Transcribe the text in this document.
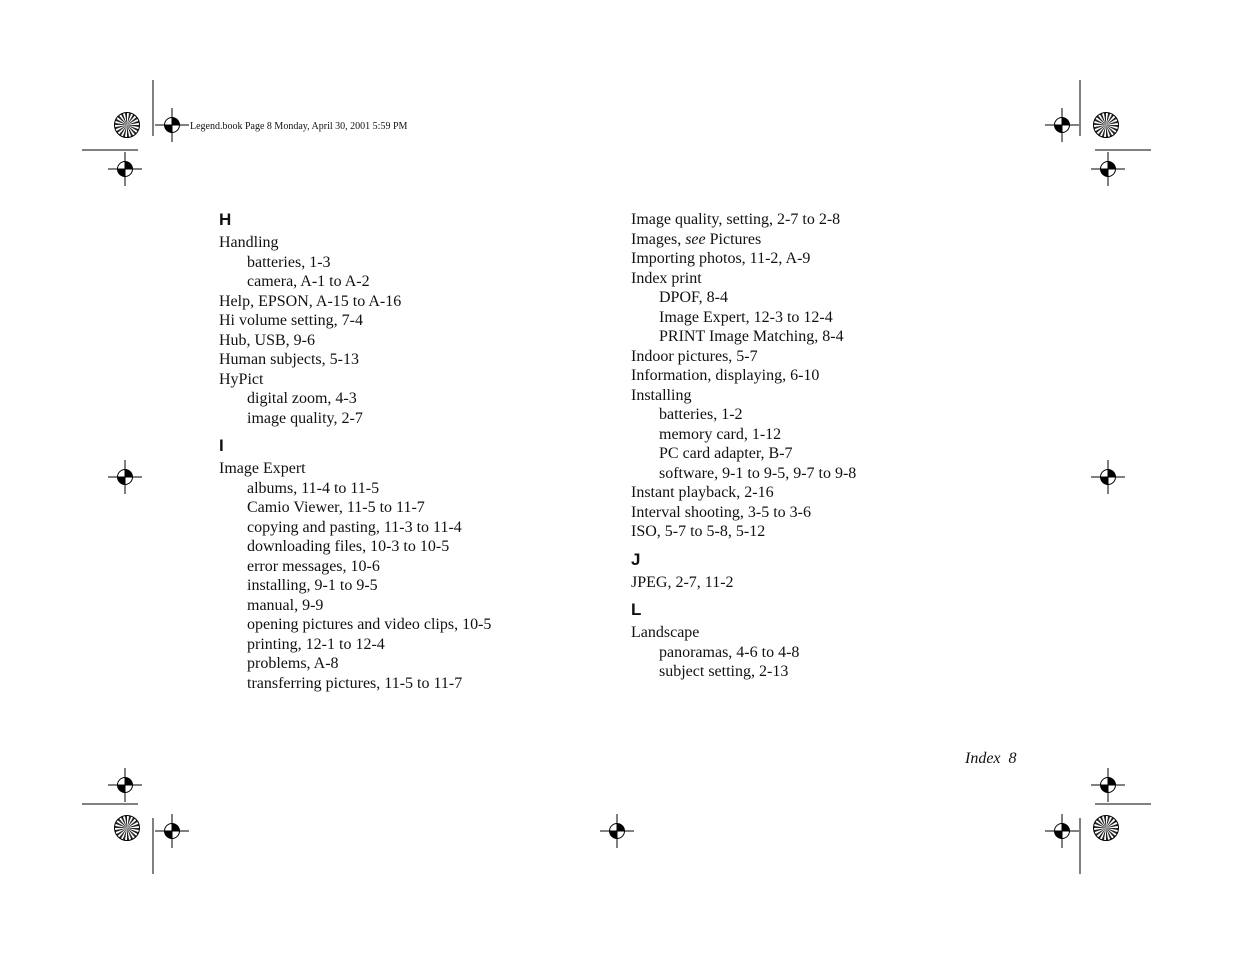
Legend.book Page 8 Monday, April 30, 2001 5:59 PM
H
Handling
batteries, 1-3
camera, A-1 to A-2
Help, EPSON, A-15 to A-16
Hi volume setting, 7-4
Hub, USB, 9-6
Human subjects, 5-13
HyPict
digital zoom, 4-3
image quality, 2-7
I
Image Expert
albums, 11-4 to 11-5
Camio Viewer, 11-5 to 11-7
copying and pasting, 11-3 to 11-4
downloading files, 10-3 to 10-5
error messages, 10-6
installing, 9-1 to 9-5
manual, 9-9
opening pictures and video clips, 10-5
printing, 12-1 to 12-4
problems, A-8
transferring pictures, 11-5 to 11-7
Image quality, setting, 2-7 to 2-8
Images, see Pictures
Importing photos, 11-2, A-9
Index print
DPOF, 8-4
Image Expert, 12-3 to 12-4
PRINT Image Matching, 8-4
Indoor pictures, 5-7
Information, displaying, 6-10
Installing
batteries, 1-2
memory card, 1-12
PC card adapter, B-7
software, 9-1 to 9-5, 9-7 to 9-8
Instant playback, 2-16
Interval shooting, 3-5 to 3-6
ISO, 5-7 to 5-8, 5-12
J
JPEG, 2-7, 11-2
L
Landscape
panoramas, 4-6 to 4-8
subject setting, 2-13
Index 8
